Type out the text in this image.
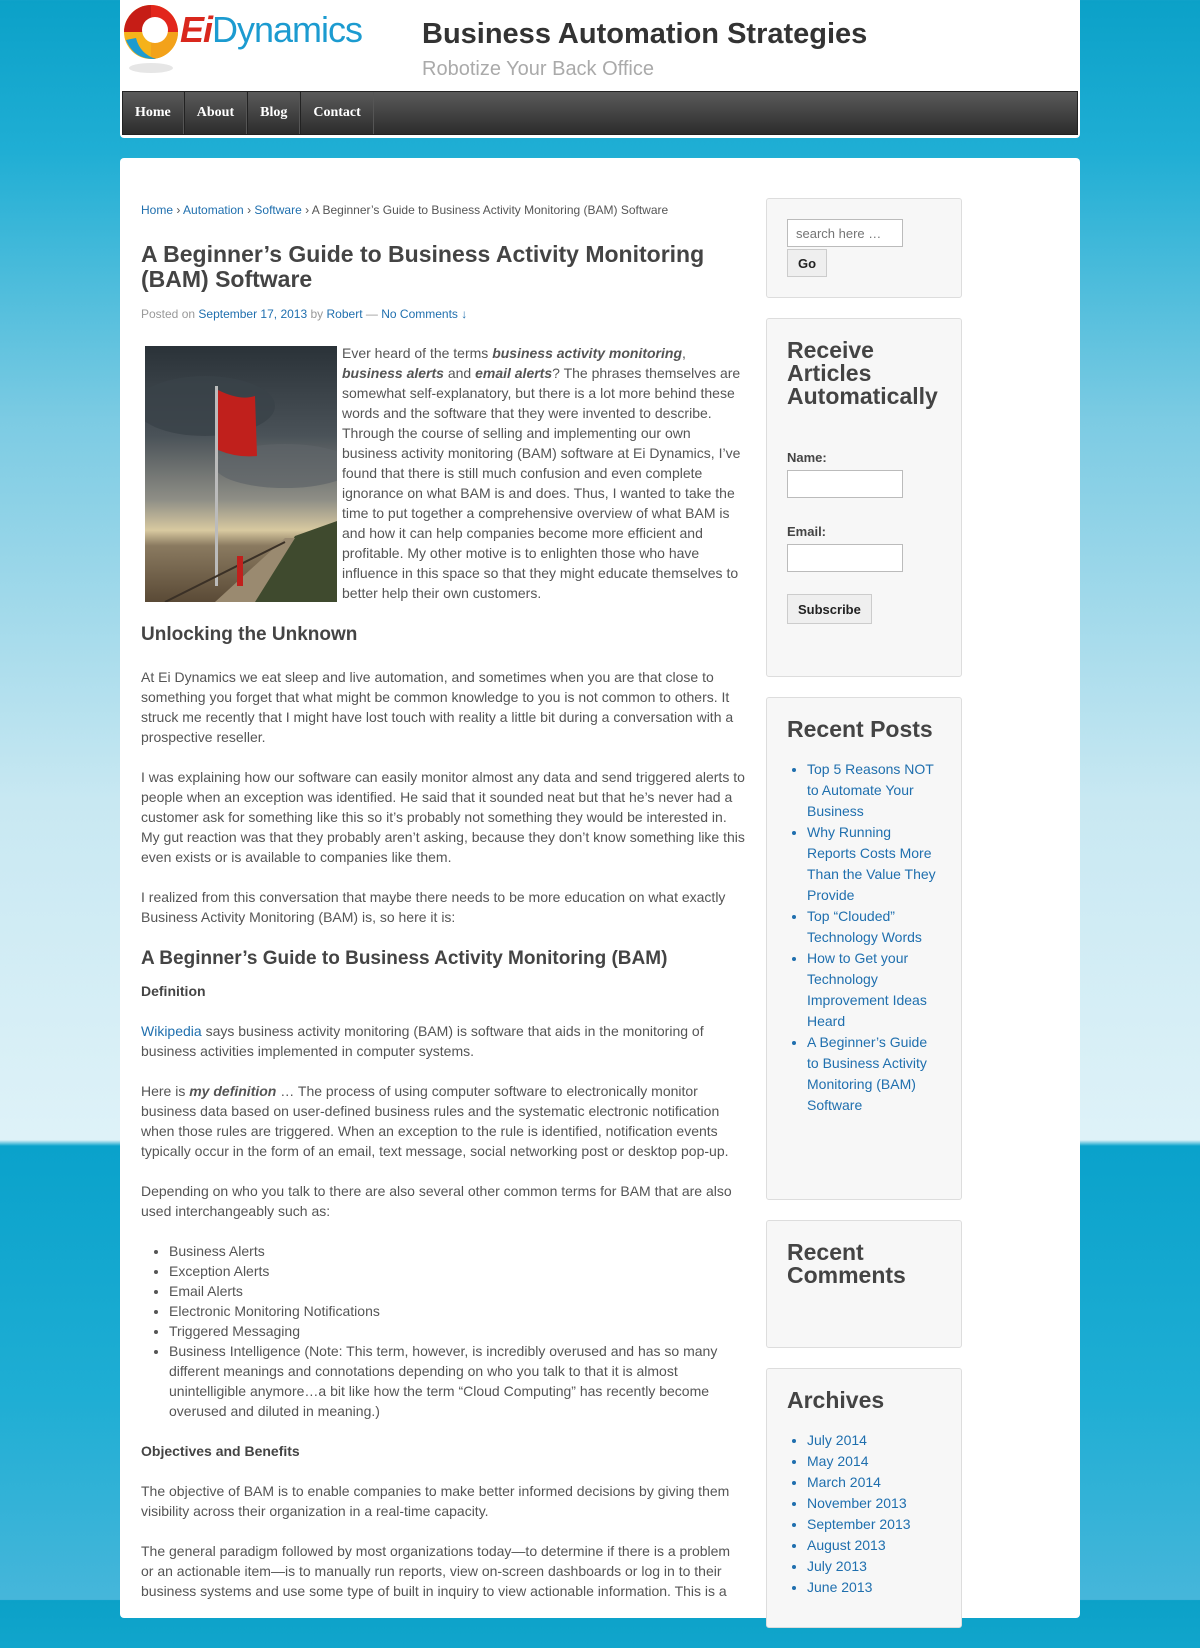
EiDynamics Business Automation Strategies
Robotize Your Back Office
Home	About	Blog	Contact
Home › Automation › Software › A Beginner’s Guide to Business Activity Monitoring (BAM) Software
A Beginner’s Guide to Business Activity Monitoring (BAM) Software
Posted on September 17, 2013 by Robert — No Comments ↓

Ever heard of the terms business activity monitoring, business alerts and email alerts? The phrases themselves are somewhat self-explanatory, but there is a lot more behind these words and the software that they were invented to describe. Through the course of selling and implementing our own business activity monitoring (BAM) software at Ei Dynamics, I’ve found that there is still much confusion and even complete ignorance on what BAM is and does. Thus, I wanted to take the time to put together a comprehensive overview of what BAM is and how it can help companies become more efficient and profitable. My other motive is to enlighten those who have influence in this space so that they might educate themselves to better help their own customers.

Unlocking the Unknown

At Ei Dynamics we eat sleep and live automation, and sometimes when you are that close to something you forget that what might be common knowledge to you is not common to others. It struck me recently that I might have lost touch with reality a little bit during a conversation with a prospective reseller.

I was explaining how our software can easily monitor almost any data and send triggered alerts to people when an exception was identified. He said that it sounded neat but that he’s never had a customer ask for something like this so it’s probably not something they would be interested in. My gut reaction was that they probably aren’t asking, because they don’t know something like this even exists or is available to companies like them.

I realized from this conversation that maybe there needs to be more education on what exactly Business Activity Monitoring (BAM) is, so here it is:

A Beginner’s Guide to Business Activity Monitoring (BAM)
Definition

Wikipedia says business activity monitoring (BAM) is software that aids in the monitoring of business activities implemented in computer systems.

Here is my definition … The process of using computer software to electronically monitor business data based on user-defined business rules and the systematic electronic notification when those rules are triggered. When an exception to the rule is identified, notification events typically occur in the form of an email, text message, social networking post or desktop pop-up.

Depending on who you talk to there are also several other common terms for BAM that are also used interchangeably such as:

• Business Alerts
• Exception Alerts
• Email Alerts
• Electronic Monitoring Notifications
• Triggered Messaging
• Business Intelligence (Note: This term, however, is incredibly overused and has so many different meanings and connotations depending on who you talk to that it is almost unintelligible anymore…a bit like how the term “Cloud Computing” has recently become overused and diluted in meaning.)
Objectives and Benefits

The objective of BAM is to enable companies to make better informed decisions by giving them visibility across their organization in a real-time capacity.

The general paradigm followed by most organizations today—to determine if there is a problem or an actionable item—is to manually run reports, view on-screen dashboards or log in to their business systems and use some type of built in inquiry to view actionable information. This is a

search here …
Go
Receive Articles Automatically
Name:
Email:
Subscribe
Recent Posts
• Top 5 Reasons NOT to Automate Your Business
• Why Running Reports Costs More Than the Value They Provide
• Top “Clouded” Technology Words
• How to Get your Technology Improvement Ideas Heard
• A Beginner’s Guide to Business Activity Monitoring (BAM) Software
Recent Comments
Archives
• July 2014
• May 2014
• March 2014
• November 2013
• September 2013
• August 2013
• July 2013
• June 2013
